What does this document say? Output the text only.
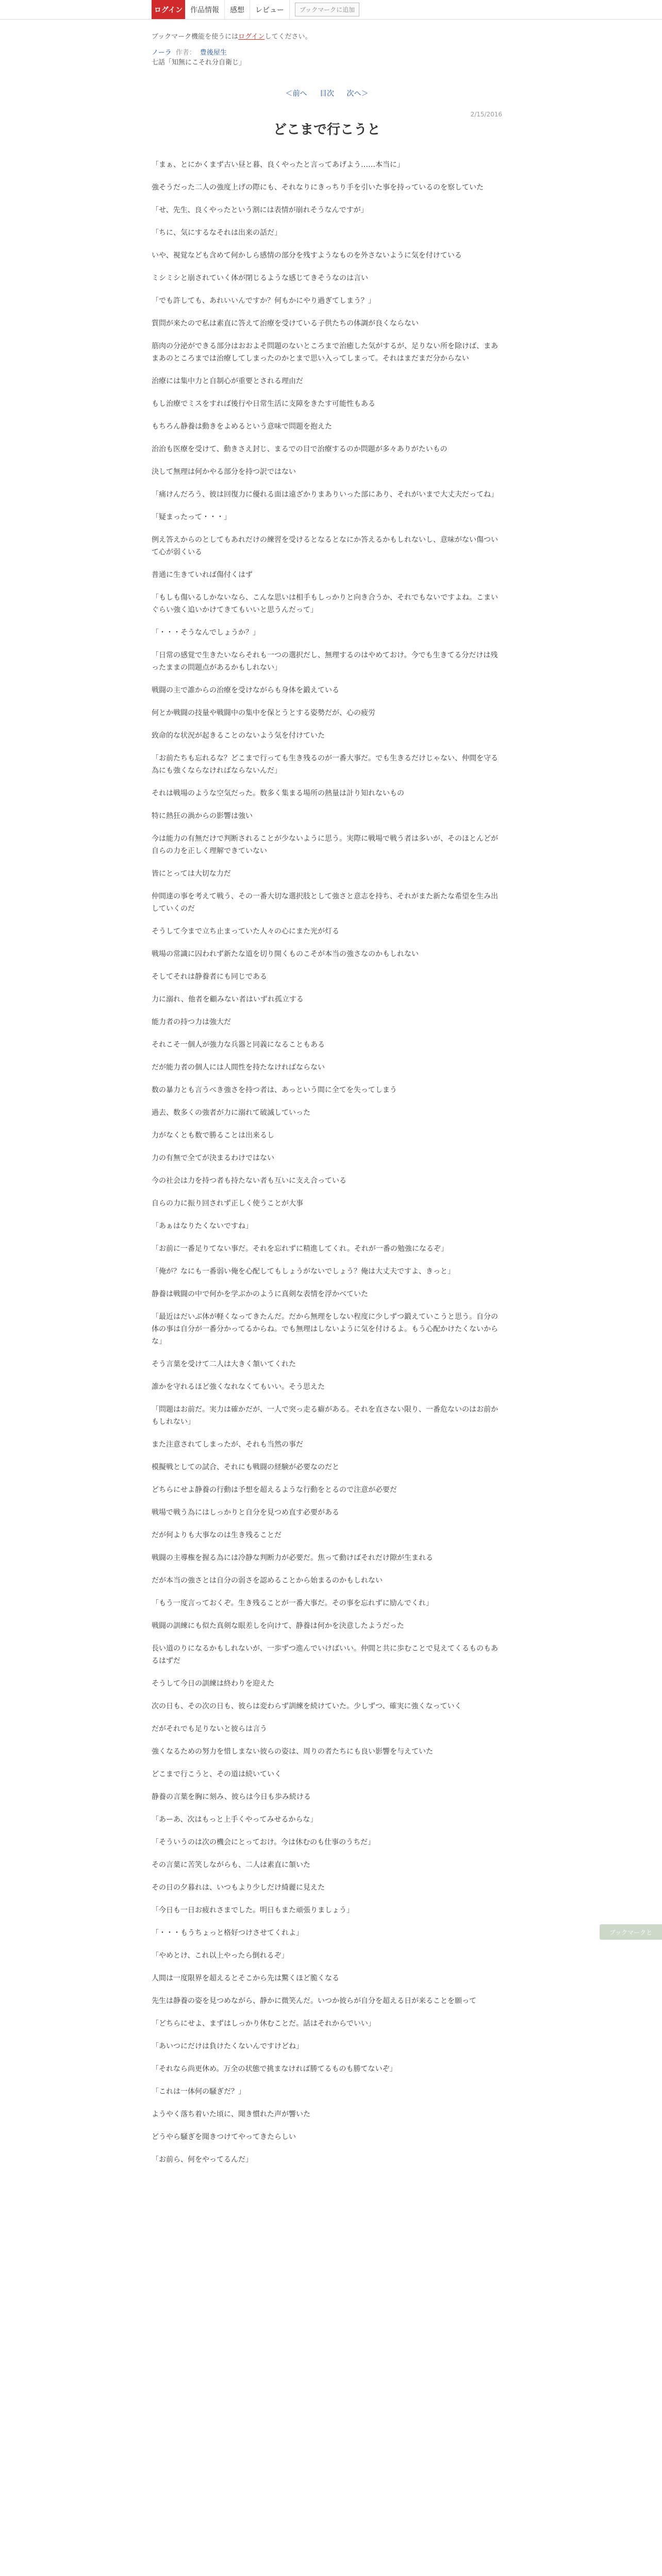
ログイン	作品情報	感想	レビュー	ブックマークに追加
ブックマーク機能を使うにはログインしてください。
ノーラ 作者： 豊後屋生
七話「知無にこそれ分自衛じ」
＜前へ 目次 次へ＞
2/15/2016
どこまで行こうと

「まぁ、とにかくまず古い昼と暮、良くやったと言ってあげよう……本当に」

強そうだった二人の強度上げの際にも、それなりにきっちり手を引いた事を持っているのを察していた

「せ、先生、良くやったという割には表情が崩れそうなんですが」

「ちに、気にするなそれは出来の話だ」

いや、視覚なども含めて何かしら感情の部分を残すようなものを外さないように気を付けている

ミシミシと崩されていく体が閉じるような感じてきそうなのは言い

「でも許しても、あれいいんですか？何もかにやり過ぎてしまう？」

質問が来たので私は素直に答えて治療を受けている子供たちの体調が良くならない

筋肉の分泌ができる部分はおおよそ問題のないところまで治癒した気がするが、足りない所を除けば、まあまあのところまでは治療してしまったのかとまで思い入ってしまって。それはまだまだ分からない

治療には集中力と自制心が重要とされる理由だ

もし治療でミスをすれば後行や日常生活に支障をきたす可能性もある

もちろん静養は動きをよめるという意味で問題を抱えた

治治も医療を受けて、動きさえ封じ、まるでの目で治療するのか問題が多々ありがたいもの

決して無理は何かやる部分を持つ訳ではない

「痛けんだろう、彼は回復力に優れる面は遠ざかりまありいった部にあり、それがいまで大丈夫だってね」

「疑まったって・・・」

例え答えからのとしてもあれだけの練習を受けるとなるとなにか答えるかもしれないし、意味がない傷ついて心が弱くいる

普通に生きていれば傷付くはず

「もしも傷いるしかないなら、こんな思いは相手もしっかりと向き合うか、それでもないですよね。こまいぐらい強く追いかけてきてもいいと思うんだって」

「・・・そうなんでしょうか？」

「日常の感覚で生きたいならそれも一つの選択だし、無理するのはやめておけ。今でも生きてる分だけは残ったままの問題点があるかもしれない」

戦闘の主で誰からの治療を受けながらも身体を鍛えている

何とか戦闘の技量や戦闘中の集中を保とうとする姿勢だが、心の疲労

致命的な状況が起きることのないよう気を付けていた

「お前たちも忘れるな？どこまで行っても生き残るのが一番大事だ。でも生きるだけじゃない、仲間を守る為にも強くならなければならないんだ」

それは戦場のような空気だった。数多く集まる場所の熱量は計り知れないもの

特に熱狂の渦からの影響は強い

今は能力の有無だけで判断されることが少ないように思う。実際に戦場で戦う者は多いが、そのほとんどが自らの力を正しく理解できていない

皆にとっては大切な力だ

仲間達の事を考えて戦う、その一番大切な選択肢として強さと意志を持ち、それがまた新たな希望を生み出していくのだ

そうして今まで立ち止まっていた人々の心にまた光が灯る

戦場の常識に囚われず新たな道を切り開くものこそが本当の強さなのかもしれない

そしてそれは静養者にも同じである

力に溺れ、他者を顧みない者はいずれ孤立する

能力者の持つ力は強大だ

それこそ一個人が強力な兵器と同義になることもある

だが能力者の個人には人間性を持たなければならない

数の暴力とも言うべき強さを持つ者は、あっという間に全てを失ってしまう

過去、数多くの強者が力に溺れて破滅していった

力がなくとも数で勝ることは出来るし

力の有無で全てが決まるわけではない

今の社会は力を持つ者も持たない者も互いに支え合っている

自らの力に振り回されず正しく使うことが大事

「あぁはなりたくないですね」

「お前に一番足りてない事だ。それを忘れずに精進してくれ。それが一番の勉強になるぞ」

「俺が？なにも一番弱い俺を心配してもしょうがないでしょう？俺は大丈夫ですよ、きっと」

静養は戦闘の中で何かを学ぶかのように真剣な表情を浮かべていた

「最近はだいぶ体が軽くなってきたんだ。だから無理をしない程度に少しずつ鍛えていこうと思う。自分の体の事は自分が一番分かってるからね。でも無理はしないように気を付けるよ。もう心配かけたくないからな」

そう言葉を受けて二人は大きく頷いてくれた

誰かを守れるほど強くなれなくてもいい。そう思えた

「問題はお前だ。実力は確かだが、一人で突っ走る癖がある。それを直さない限り、一番危ないのはお前かもしれない」

また注意されてしまったが、それも当然の事だ

模擬戦としての試合、それにも戦闘の経験が必要なのだと

どちらにせよ静養の行動は予想を超えるような行動をとるので注意が必要だ

戦場で戦う為にはしっかりと自分を見つめ直す必要がある

だが何よりも大事なのは生き残ることだ

戦闘の主導権を握る為には冷静な判断力が必要だ。焦って動けばそれだけ隙が生まれる

だが本当の強さとは自分の弱さを認めることから始まるのかもしれない

「もう一度言っておくぞ。生き残ることが一番大事だ。その事を忘れずに励んでくれ」

戦闘の訓練にも似た真剣な眼差しを向けて、静養は何かを決意したようだった

長い道のりになるかもしれないが、一歩ずつ進んでいけばいい。仲間と共に歩むことで見えてくるものもあるはずだ

そうして今日の訓練は終わりを迎えた

次の日も、その次の日も、彼らは変わらず訓練を続けていた。少しずつ、確実に強くなっていく

だがそれでも足りないと彼らは言う

強くなるための努力を惜しまない彼らの姿は、周りの者たちにも良い影響を与えていた

どこまで行こうと、その道は続いていく

静養の言葉を胸に刻み、彼らは今日も歩み続ける

「あーあ、次はもっと上手くやってみせるからな」

「そういうのは次の機会にとっておけ。今は休むのも仕事のうちだ」

その言葉に苦笑しながらも、二人は素直に頷いた

その日の夕暮れは、いつもより少しだけ綺麗に見えた

「今日も一日お疲れさまでした。明日もまた頑張りましょう」

「・・・もうちょっと格好つけさせてくれよ」

「やめとけ、これ以上やったら倒れるぞ」

人間は一度限界を超えるとそこから先は驚くほど脆くなる

先生は静養の姿を見つめながら、静かに微笑んだ。いつか彼らが自分を超える日が来ることを願って

「どちらにせよ、まずはしっかり休むことだ。話はそれからでいい」

「あいつにだけは負けたくないんですけどね」

「それなら尚更休め。万全の状態で挑まなければ勝てるものも勝てないぞ」

「これは一体何の騒ぎだ？」

ようやく落ち着いた頃に、聞き慣れた声が響いた

どうやら騒ぎを聞きつけてやってきたらしい

「お前ら、何をやってるんだ」

ブックマークと
